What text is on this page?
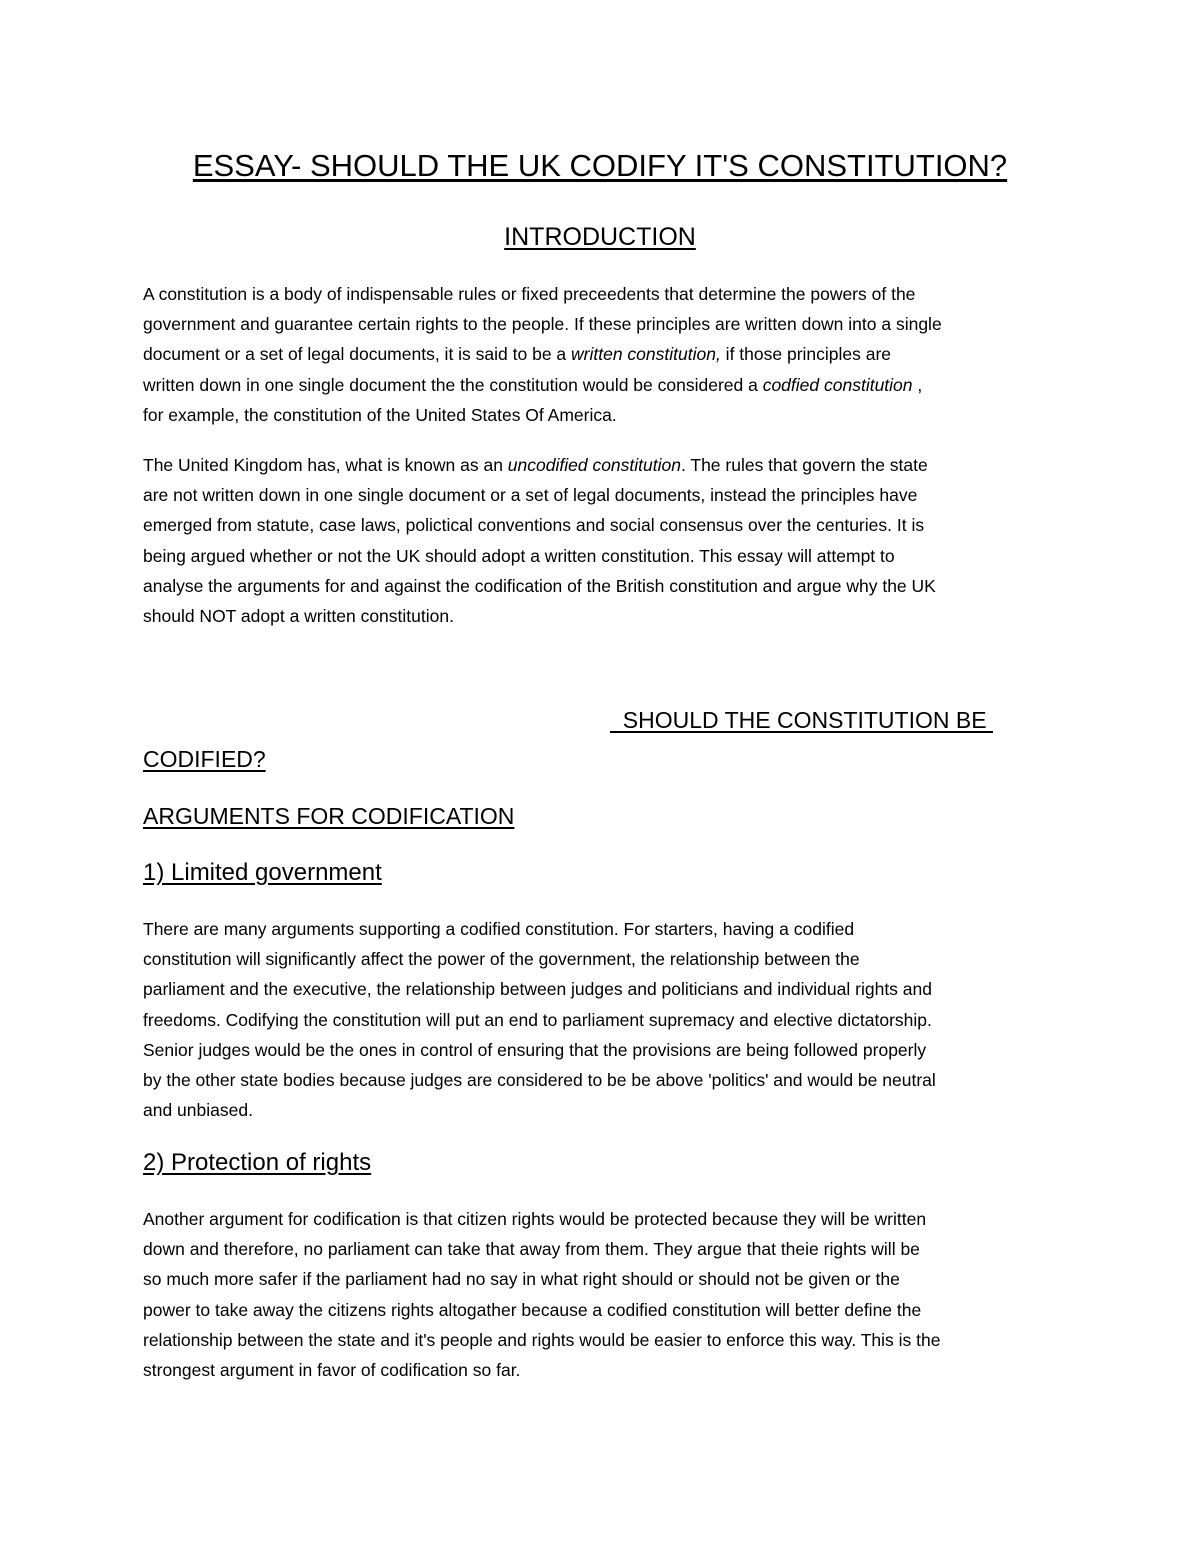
ESSAY- SHOULD THE UK CODIFY IT'S CONSTITUTION?
INTRODUCTION
A constitution is a body of indispensable rules or fixed preceedents that determine the powers of the
government and guarantee certain rights to the people. If these principles are written down into a single
document or a set of legal documents, it is said to be a written constitution, if those principles are
written down in one single document the the constitution would be considered a codfied constitution ,
for example, the constitution of the United States Of America.
The United Kingdom has, what is known as an uncodified constitution. The rules that govern the state
are not written down in one single document or a set of legal documents, instead the principles have
emerged from statute, case laws, polictical conventions and social consensus over the centuries. It is
being argued whether or not the UK should adopt a written constitution. This essay will attempt to
analyse the arguments for and against the codification of the British constitution and argue why the UK
should NOT adopt a written constitution.
SHOULD THE CONSTITUTION BE
CODIFIED?
ARGUMENTS FOR CODIFICATION
1) Limited government
There are many arguments supporting a codified constitution. For starters, having a codified
constitution will significantly affect the power of the government, the relationship between the
parliament and the executive, the relationship between judges and politicians and individual rights and
freedoms. Codifying the constitution will put an end to parliament supremacy and elective dictatorship.
Senior judges would be the ones in control of ensuring that the provisions are being followed properly
by the other state bodies because judges are considered to be be above 'politics' and would be neutral
and unbiased.
2) Protection of rights
Another argument for codification is that citizen rights would be protected because they will be written
down and therefore, no parliament can take that away from them. They argue that theie rights will be
so much more safer if the parliament had no say in what right should or should not be given or the
power to take away the citizens rights altogather because a codified constitution will better define the
relationship between the state and it's people and rights would be easier to enforce this way. This is the
strongest argument in favor of codification so far.
